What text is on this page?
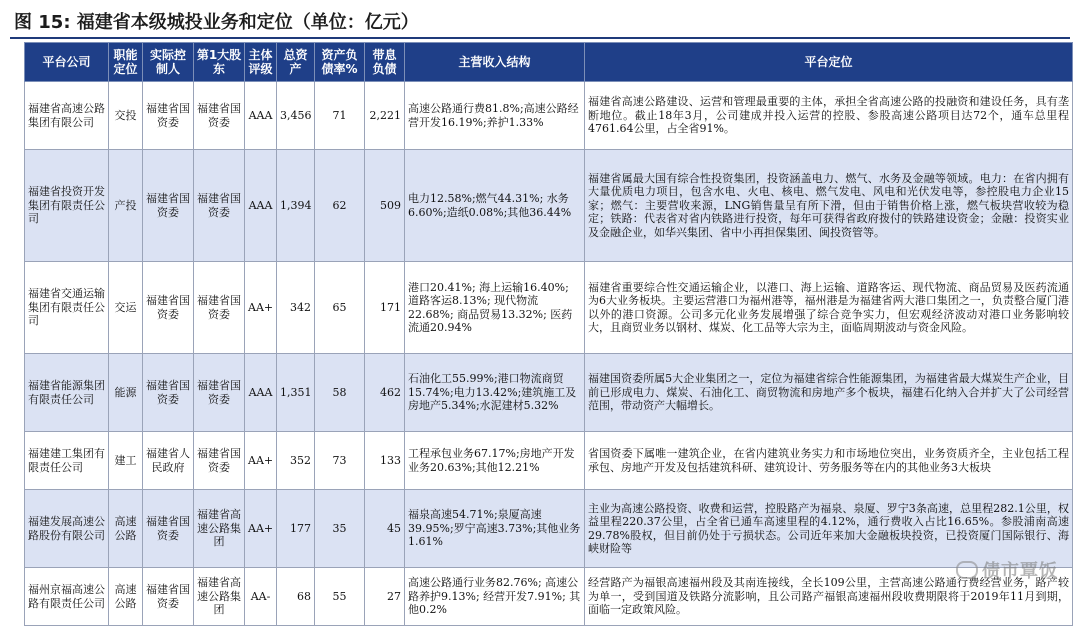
图 15: 福建省本级城投业务和定位（单位：亿元）
平台公司	职能定位	实际控制人	第1大股东	主体评级	总资产	资产负债率%	带息负债	主营收入结构	平台定位
福建省高速公路集团有限公司	交投	福建省国资委	福建省国资委	AAA	3,456	71	2,221	高速公路通行费81.8%;高速公路经营开发16.19%;养护1.33%	福建省高速公路建设、运营和管理最重要的主体，承担全省高速公路的投融资和建设任务，具有垄断地位。截止18年3月，公司建成并投入运营的控股、参股高速公路项目达72个，通车总里程4761.64公里，占全省91%。
福建省投资开发集团有限责任公司	产投	福建省国资委	福建省国资委	AAA	1,394	62	509	电力12.58%;燃气44.31%; 水务6.60%;造纸0.08%;其他36.44%	福建省属最大国有综合性投资集团，投资涵盖电力、燃气、水务及金融等领域。电力：在省内拥有大量优质电力项目，包含水电、火电、核电、燃气发电、风电和光伏发电等，参控股电力企业15家；燃气：主要营收来源，LNG销售量呈有所下滑，但由于销售价格上涨，燃气板块营收较为稳定；铁路：代表省对省内铁路进行投资，每年可获得省政府拨付的铁路建设资金；金融：投资实业及金融企业，如华兴集团、省中小再担保集团、闽投资管等。
福建省交通运输集团有限责任公司	交运	福建省国资委	福建省国资委	AA+	342	65	171	港口20.41%; 海上运输16.40%; 道路客运8.13%; 现代物流22.68%; 商品贸易13.32%; 医药流通20.94%	福建省重要综合性交通运输企业，以港口、海上运输、道路客运、现代物流、商品贸易及医药流通为6大业务板块。主要运营港口为福州港等，福州港是为福建省两大港口集团之一，负责整合厦门港以外的港口资源。公司多元化业务发展增强了综合竞争实力，但宏观经济波动对港口业务影响较大，且商贸业务以钢材、煤炭、化工品等大宗为主，面临周期波动与资金风险。
福建省能源集团有限责任公司	能源	福建省国资委	福建省国资委	AAA	1,351	58	462	石油化工55.99%;港口物流商贸15.74%;电力13.42%;建筑施工及房地产5.34%;水泥建材5.32%	福建国资委所属5大企业集团之一，定位为福建省综合性能源集团，为福建省最大煤炭生产企业，目前已形成电力、煤炭、石油化工、商贸物流和房地产多个板块，福建石化纳入合并扩大了公司经营范围，带动资产大幅增长。
福建建工集团有限责任公司	建工	福建省人民政府	福建省国资委	AA+	352	73	133	工程承包业务67.17%;房地产开发业务20.63%;其他12.21%	省国资委下属唯一建筑企业，在省内建筑业务实力和市场地位突出，业务资质齐全，主业包括工程承包、房地产开发及包括建筑科研、建筑设计、劳务服务等在内的其他业务3大板块
福建发展高速公路股份有限公司	高速公路	福建省国资委	福建省高速公路集团	AA+	177	35	45	福泉高速54.71%;泉厦高速39.95%;罗宁高速3.73%;其他业务1.61%	主业为高速公路投资、收费和运营，控股路产为福泉、泉厦、罗宁3条高速，总里程282.1公里，权益里程220.37公里，占全省已通车高速里程的4.12%，通行费收入占比16.65%。参股浦南高速29.78%股权，但目前仍处于亏损状态。公司近年来加大金融板块投资，已投资厦门国际银行、海峡财险等
福州京福高速公路有限责任公司	高速公路	福建省国资委	福建省高速公路集团	AA-	68	55	27	高速公路通行业务82.76%; 高速公路养护9.13%; 经营开发7.91%; 其他0.2%	经营路产为福银高速福州段及其南连接线，全长109公里，主营高速公路通行费经营业务，路产较为单一，受到国道及铁路分流影响，且公司路产福银高速福州段收费期限将于2019年11月到期，面临一定政策风险。
债市覃饭
